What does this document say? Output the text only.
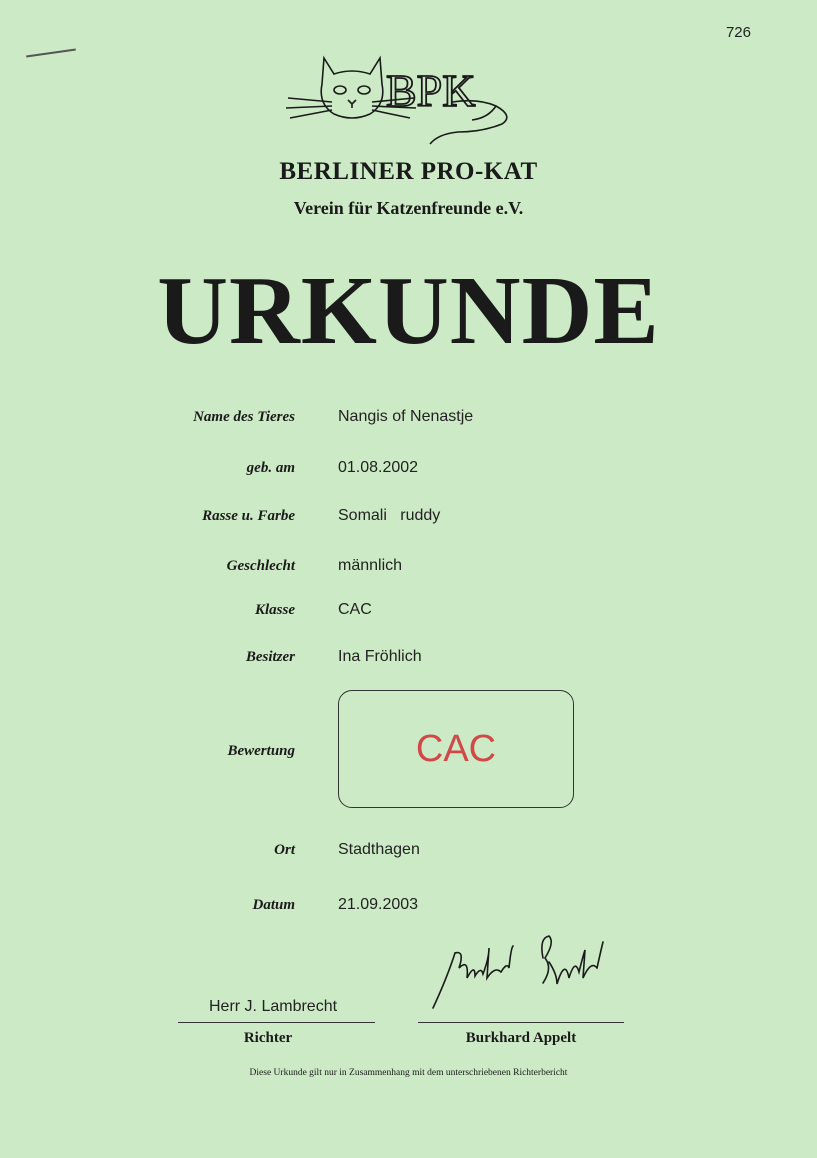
726
BPK
BERLINER PRO-KAT
Verein für Katzenfreunde e.V.
URKUNDE
Name des Tieres	Nangis of Nenastje
geb. am	01.08.2002
Rasse u. Farbe	Somali   ruddy
Geschlecht	männlich
Klasse	CAC
Besitzer	Ina Fröhlich
Bewertung	CAC
Ort	Stadthagen
Datum	21.09.2003
Herr J. Lambrecht
Richter	Burkhard Appelt
Diese Urkunde gilt nur in Zusammenhang mit dem unterschriebenen Richterbericht
